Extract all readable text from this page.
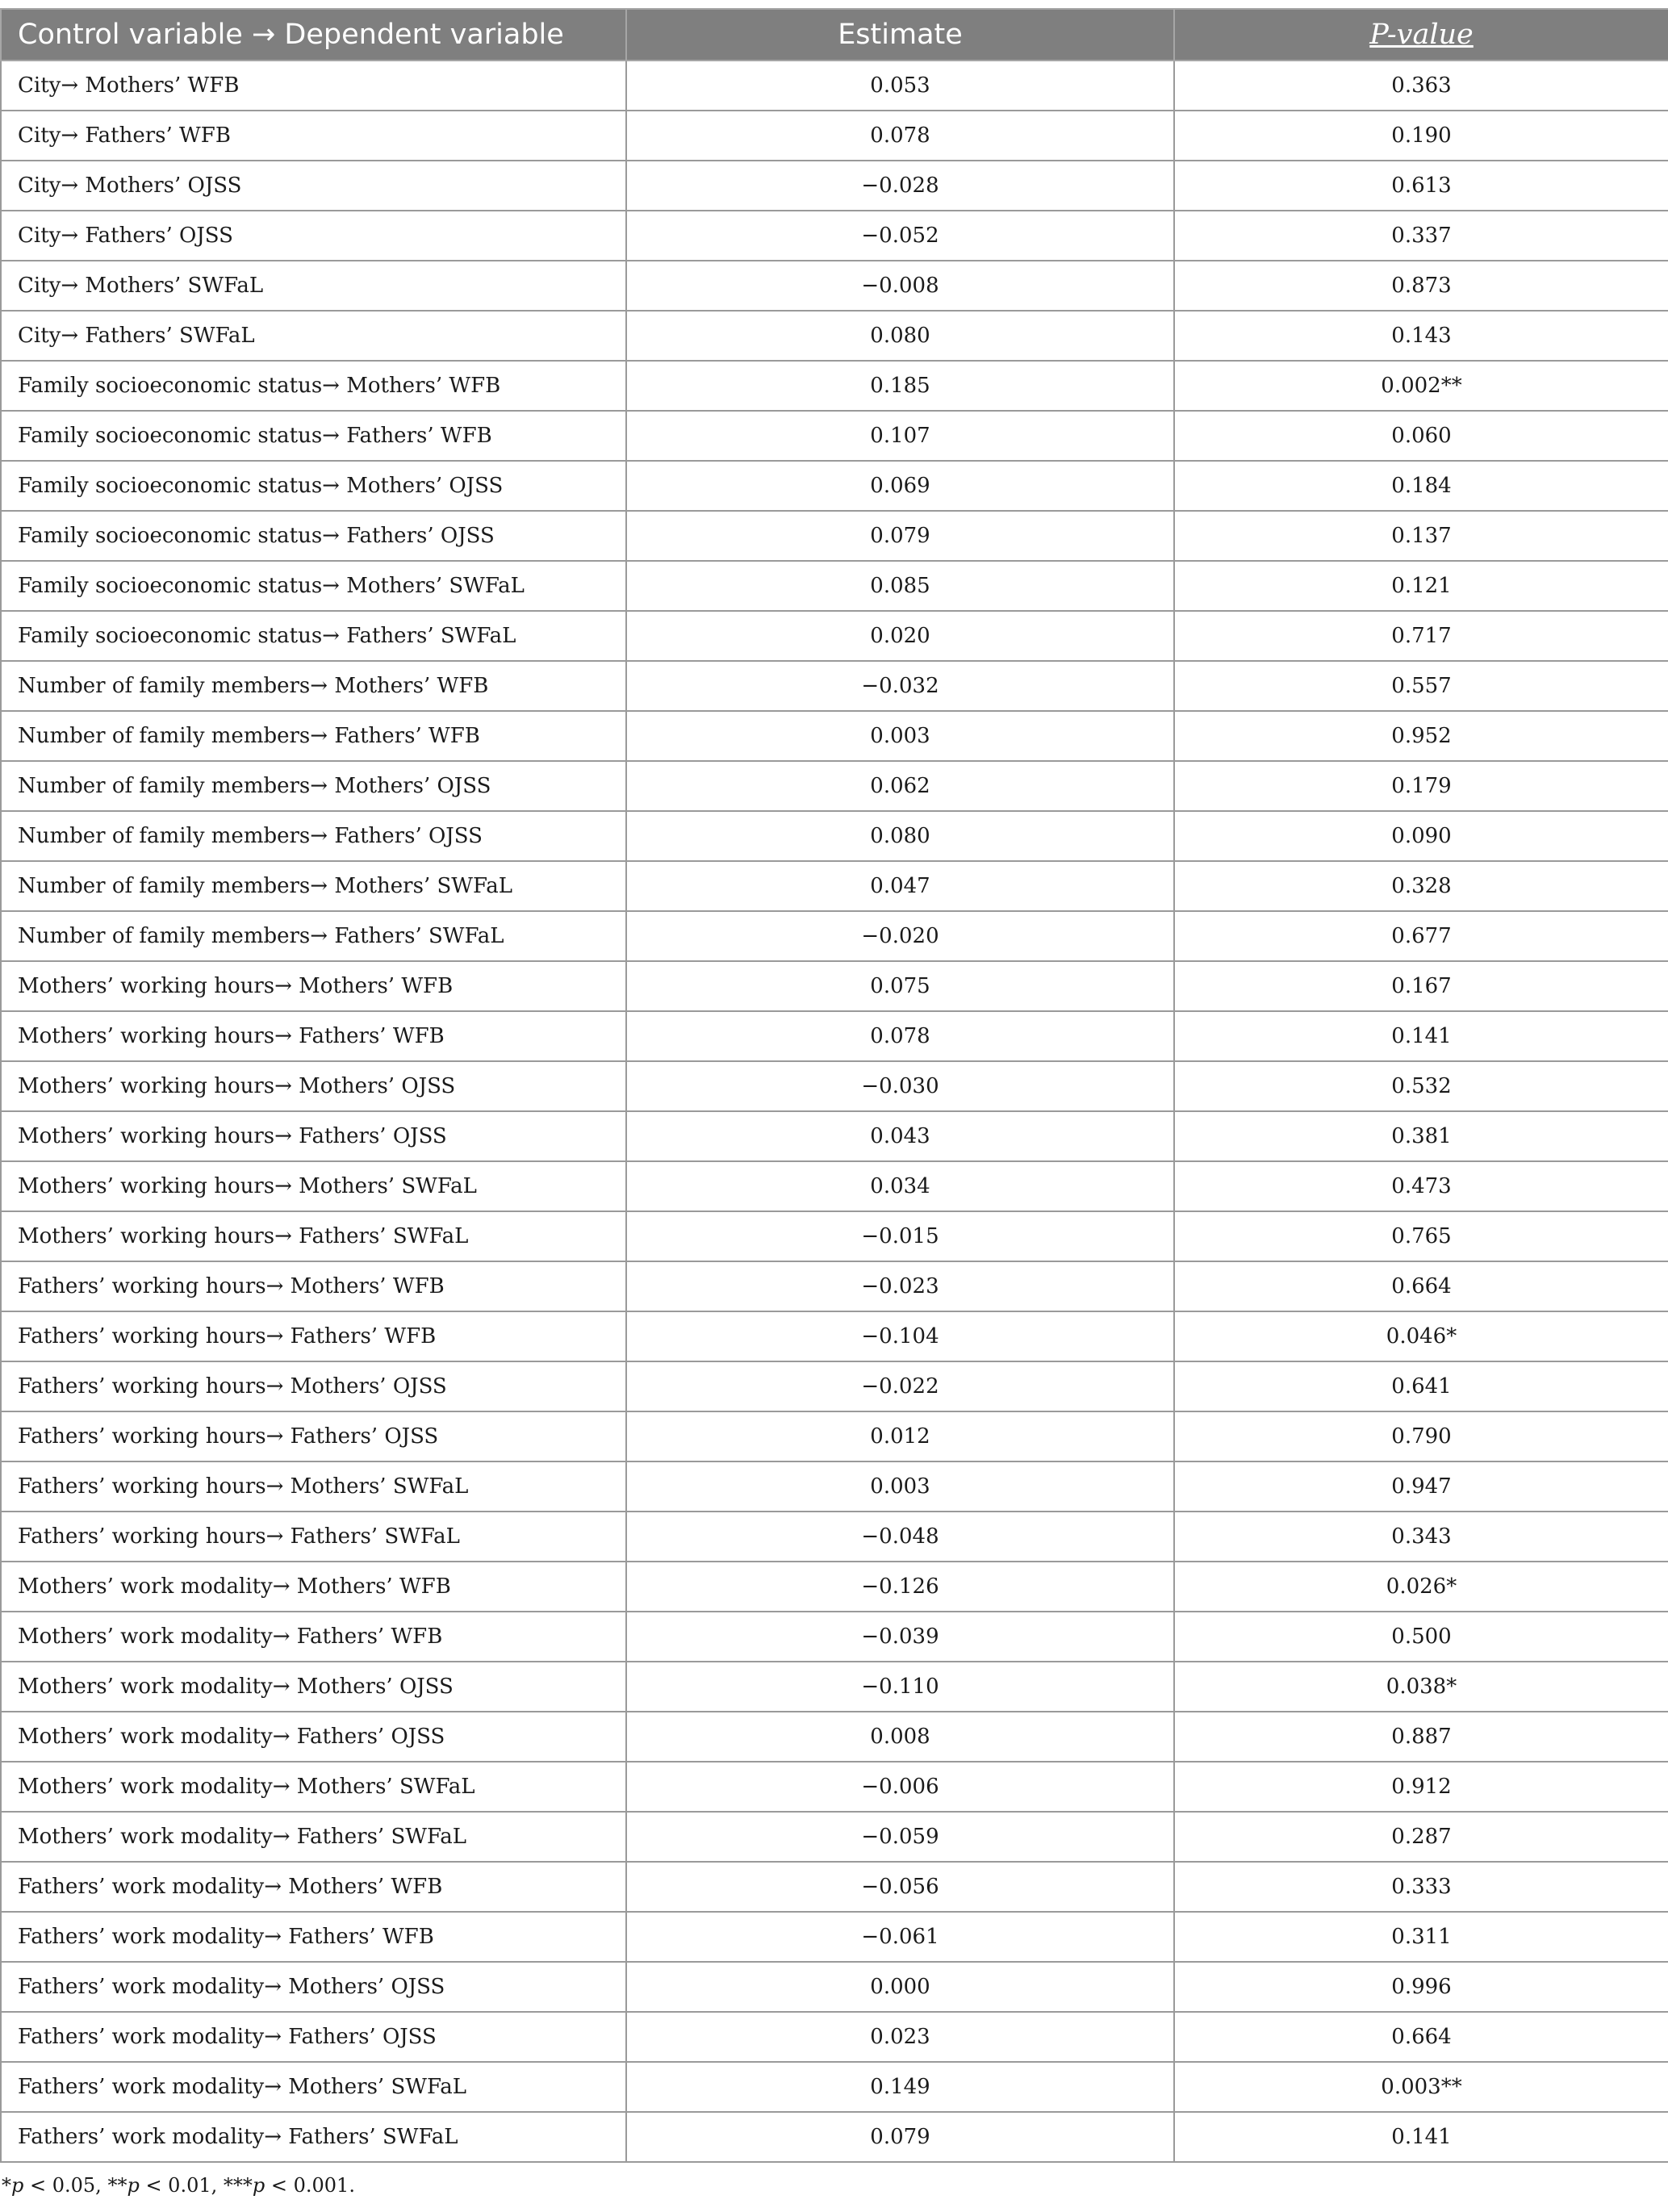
Control variable → Dependent variable	Estimate	P-value
City→ Mothers’ WFB	0.053	0.363
City→ Fathers’ WFB	0.078	0.190
City→ Mothers’ OJSS	−0.028	0.613
City→ Fathers’ OJSS	−0.052	0.337
City→ Mothers’ SWFaL	−0.008	0.873
City→ Fathers’ SWFaL	0.080	0.143
Family socioeconomic status→ Mothers’ WFB	0.185	0.002**
Family socioeconomic status→ Fathers’ WFB	0.107	0.060
Family socioeconomic status→ Mothers’ OJSS	0.069	0.184
Family socioeconomic status→ Fathers’ OJSS	0.079	0.137
Family socioeconomic status→ Mothers’ SWFaL	0.085	0.121
Family socioeconomic status→ Fathers’ SWFaL	0.020	0.717
Number of family members→ Mothers’ WFB	−0.032	0.557
Number of family members→ Fathers’ WFB	0.003	0.952
Number of family members→ Mothers’ OJSS	0.062	0.179
Number of family members→ Fathers’ OJSS	0.080	0.090
Number of family members→ Mothers’ SWFaL	0.047	0.328
Number of family members→ Fathers’ SWFaL	−0.020	0.677
Mothers’ working hours→ Mothers’ WFB	0.075	0.167
Mothers’ working hours→ Fathers’ WFB	0.078	0.141
Mothers’ working hours→ Mothers’ OJSS	−0.030	0.532
Mothers’ working hours→ Fathers’ OJSS	0.043	0.381
Mothers’ working hours→ Mothers’ SWFaL	0.034	0.473
Mothers’ working hours→ Fathers’ SWFaL	−0.015	0.765
Fathers’ working hours→ Mothers’ WFB	−0.023	0.664
Fathers’ working hours→ Fathers’ WFB	−0.104	0.046*
Fathers’ working hours→ Mothers’ OJSS	−0.022	0.641
Fathers’ working hours→ Fathers’ OJSS	0.012	0.790
Fathers’ working hours→ Mothers’ SWFaL	0.003	0.947
Fathers’ working hours→ Fathers’ SWFaL	−0.048	0.343
Mothers’ work modality→ Mothers’ WFB	−0.126	0.026*
Mothers’ work modality→ Fathers’ WFB	−0.039	0.500
Mothers’ work modality→ Mothers’ OJSS	−0.110	0.038*
Mothers’ work modality→ Fathers’ OJSS	0.008	0.887
Mothers’ work modality→ Mothers’ SWFaL	−0.006	0.912
Mothers’ work modality→ Fathers’ SWFaL	−0.059	0.287
Fathers’ work modality→ Mothers’ WFB	−0.056	0.333
Fathers’ work modality→ Fathers’ WFB	−0.061	0.311
Fathers’ work modality→ Mothers’ OJSS	0.000	0.996
Fathers’ work modality→ Fathers’ OJSS	0.023	0.664
Fathers’ work modality→ Mothers’ SWFaL	0.149	0.003**
Fathers’ work modality→ Fathers’ SWFaL	0.079	0.141
*p < 0.05, **p < 0.01, ***p < 0.001.
